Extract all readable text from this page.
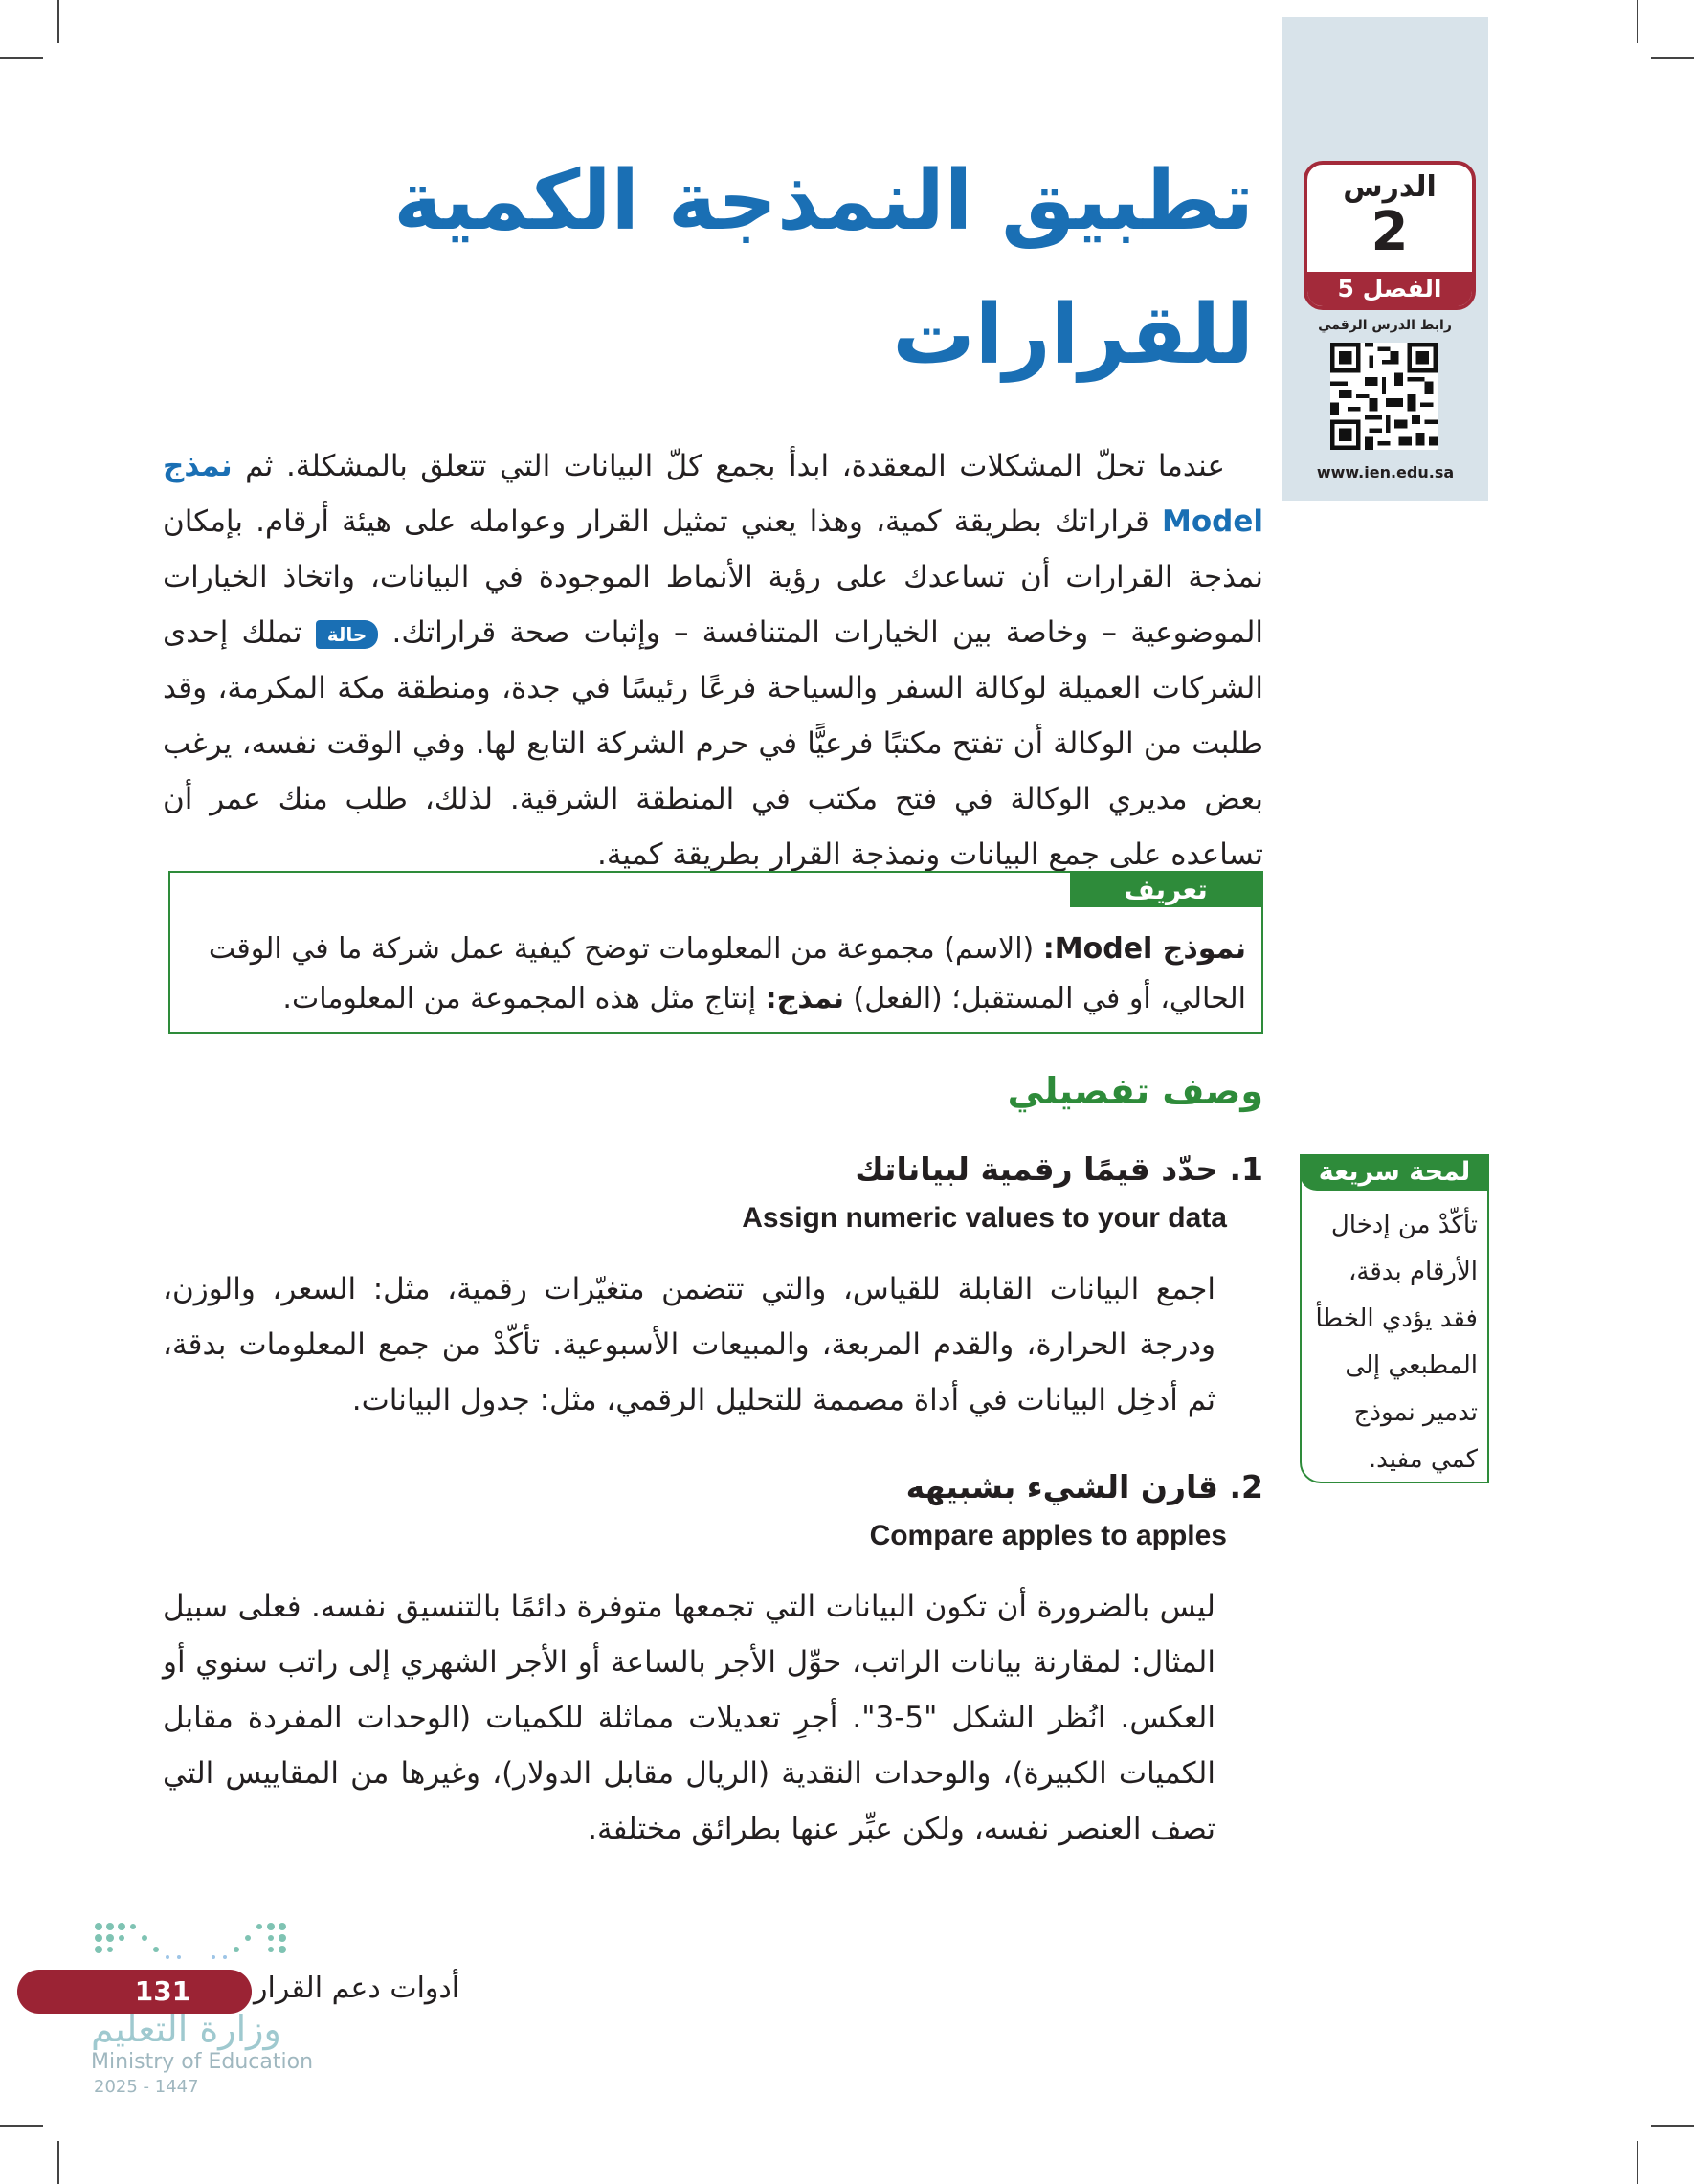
الدرس
2
الفصل 5
رابط الدرس الرقمي
www.ien.edu.sa
تطبيق النمذجة الكمية
للقرارات
عندما تحلّ المشكلات المعقدة، ابدأ بجمع كلّ البيانات التي تتعلق بالمشكلة. ثم نمذج Model قراراتك بطريقة كمية، وهذا يعني تمثيل القرار وعوامله على هيئة أرقام. بإمكان نمذجة القرارات أن تساعدك على رؤية الأنماط الموجودة في البيانات، واتخاذ الخيارات الموضوعية – وخاصة بين الخيارات المتنافسة – وإثبات صحة قراراتك. حالة تملك إحدى الشركات العميلة لوكالة السفر والسياحة فرعًا رئيسًا في جدة، ومنطقة مكة المكرمة، وقد طلبت من الوكالة أن تفتح مكتبًا فرعيًّا في حرم الشركة التابع لها. وفي الوقت نفسه، يرغب بعض مديري الوكالة في فتح مكتب في المنطقة الشرقية. لذلك، طلب منك عمر أن تساعده على جمع البيانات ونمذجة القرار بطريقة كمية.
تعريف
نموذج Model: (الاسم) مجموعة من المعلومات توضح كيفية عمل شركة ما في الوقت الحالي، أو في المستقبل؛ (الفعل) نمذج: إنتاج مثل هذه المجموعة من المعلومات.
وصف تفصيلي
1. حدّد قيمًا رقمية لبياناتك
Assign numeric values to your data
اجمع البيانات القابلة للقياس، والتي تتضمن متغيّرات رقمية، مثل: السعر، والوزن، ودرجة الحرارة، والقدم المربعة، والمبيعات الأسبوعية. تأكّدْ من جمع المعلومات بدقة، ثم أدخِل البيانات في أداة مصممة للتحليل الرقمي، مثل: جدول البيانات.
لمحة سريعة
تأكّدْ من إدخال الأرقام بدقة، فقد يؤدي الخطأ المطبعي إلى تدمير نموذج كمي مفيد.
2. قارن الشيء بشبيهه
Compare apples to apples
ليس بالضرورة أن تكون البيانات التي تجمعها متوفرة دائمًا بالتنسيق نفسه. فعلى سبيل المثال: لمقارنة بيانات الراتب، حوِّل الأجر بالساعة أو الأجر الشهري إلى راتب سنوي أو العكس. انُظر الشكل "5-3". أجرِ تعديلات مماثلة للكميات (الوحدات المفردة مقابل الكميات الكبيرة)، والوحدات النقدية (الريال مقابل الدولار)، وغيرها من المقاييس التي تصف العنصر نفسه، ولكن عبِّر عنها بطرائق مختلفة.
131	أدوات دعم القرار
وزارة التعليم
Ministry of Education
2025 - 1447
